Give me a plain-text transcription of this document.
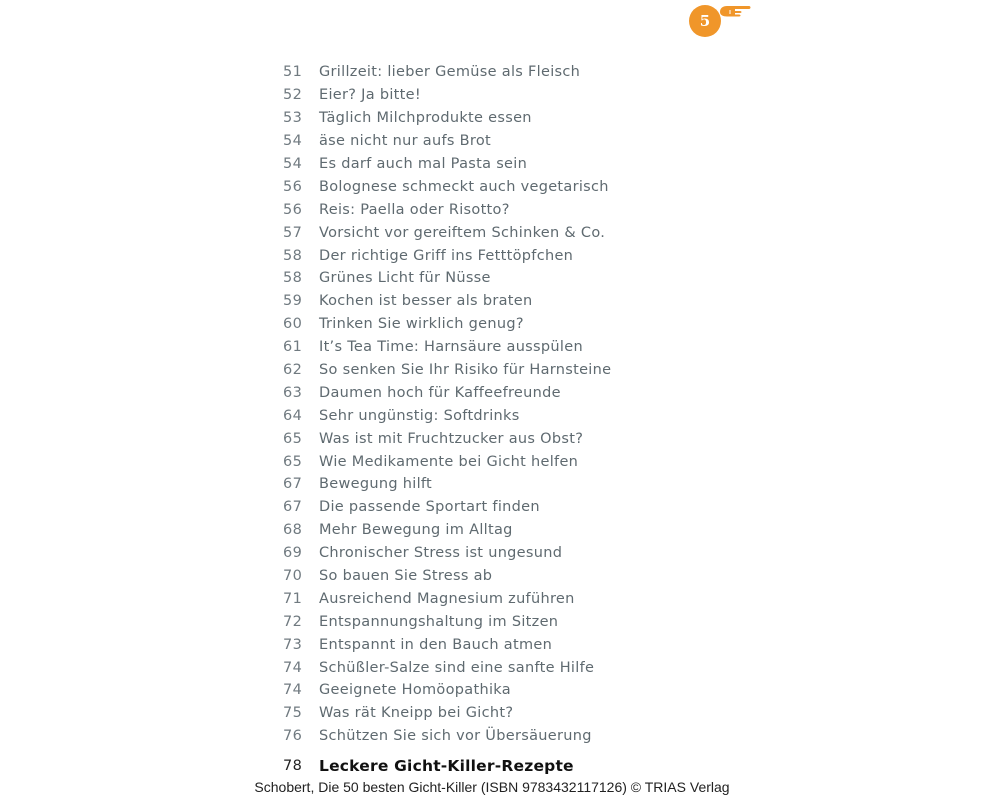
5
51	Grillzeit: lieber Gemüse als Fleisch
52	Eier? Ja bitte!
53	Täglich Milchprodukte essen
54	äse nicht nur aufs Brot
54	Es darf auch mal Pasta sein
56	Bolognese schmeckt auch vegetarisch
56	Reis: Paella oder Risotto?
57	Vorsicht vor gereiftem Schinken & Co.
58	Der richtige Griff ins Fetttöpfchen
58	Grünes Licht für Nüsse
59	Kochen ist besser als braten
60	Trinken Sie wirklich genug?
61	It’s Tea Time: Harnsäure ausspülen
62	So senken Sie Ihr Risiko für Harnsteine
63	Daumen hoch für Kaffeefreunde
64	Sehr ungünstig: Softdrinks
65	Was ist mit Fruchtzucker aus Obst?
65	Wie Medikamente bei Gicht helfen
67	Bewegung hilft
67	Die passende Sportart finden
68	Mehr Bewegung im Alltag
69	Chronischer Stress ist ungesund
70	So bauen Sie Stress ab
71	Ausreichend Magnesium zuführen
72	Entspannungshaltung im Sitzen
73	Entspannt in den Bauch atmen
74	Schüßler-Salze sind eine sanfte Hilfe
74	Geeignete Homöopathika
75	Was rät Kneipp bei Gicht?
76	Schützen Sie sich vor Übersäuerung
78	Leckere Gicht-Killer-Rezepte
Schobert, Die 50 besten Gicht-Killer (ISBN 9783432117126) © TRIAS Verlag
